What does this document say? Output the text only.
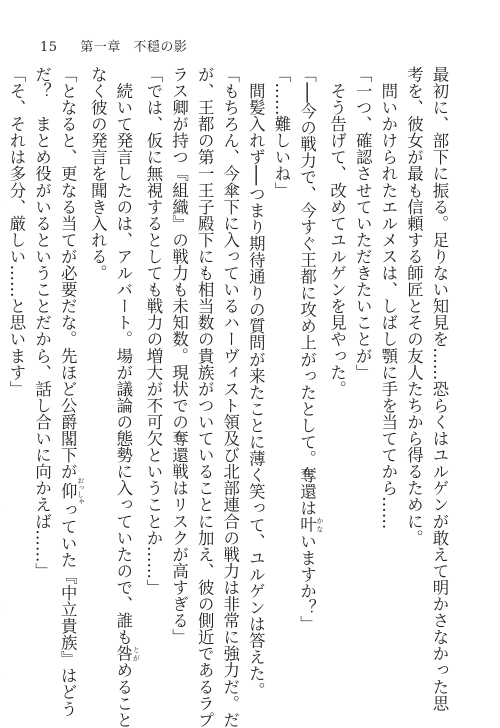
15 第一章 不穏の影
最初に、部下に振る。足りない知見を……恐らくはユルゲンが敢えて明かさなかった思
考を、彼女が最も信頼する師匠とその友人たちから得るために。
　問いかけられたエルメスは、しばし顎に手を当ててから……
「一つ、確認させていただきたいことが」
　そう告げて、改めてユルゲンを見やった。
「──今の戦力で、今すぐ王都に攻め上がったとして。奪還は叶 かないますか？」
「……難しいね」
　間髪入れず──つまり期待通りの質問が来たことに薄く笑って、ユルゲンは答えた。
「もちろん、今傘下に入っているハーヴィスト領及び北部連合の戦力は非常に強力だ。だ
が、王都の第一王子殿下にも相当数の貴族がついていることに加え、彼の側近であるラプ
ラス卿が持つ『組織』の戦力も未知数。現状での奪還戦はリスクが高すぎる」
「では、仮に無視するとしても戦力の増大が不可欠ということか……」
　続いて発言したのは、アルバート。場が議論の態勢に入っていたので、誰も咎 とがめること
なく彼の発言を聞き入れる。
「となると、更なる当てが必要だな。先ほど公爵閣下が仰 おっしゃっていた『中立貴族』はどう
だ？　まとめ役がいるということだから、話し合いに向かえば……」
「そ、それは多分、厳しい……と思います」
